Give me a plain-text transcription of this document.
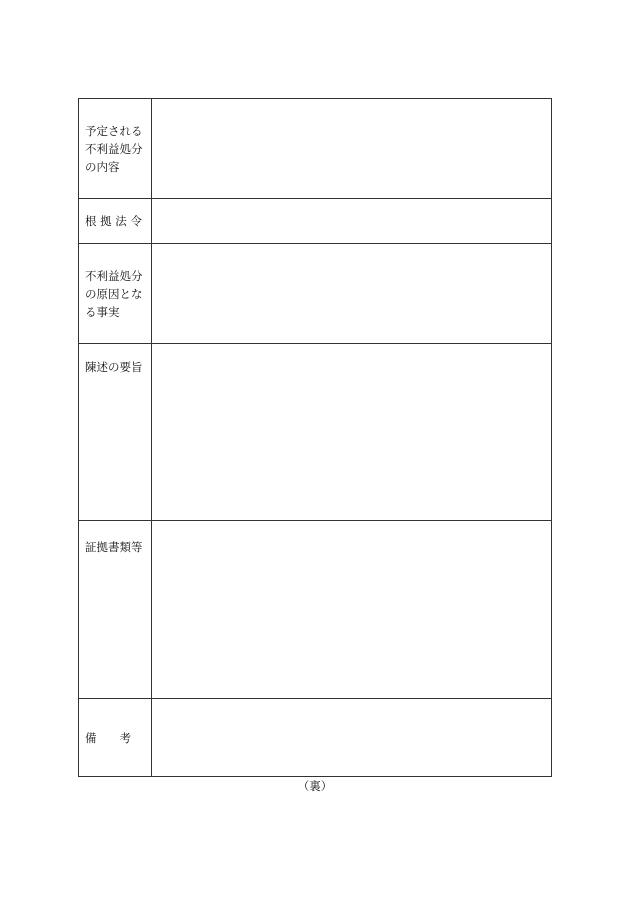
予定される
不利益処分
の内容	

根 拠 法 令	

不利益処分
の原因とな
る事実	

陳述の要旨	

証拠書類等	

備　　考	

（裏）
